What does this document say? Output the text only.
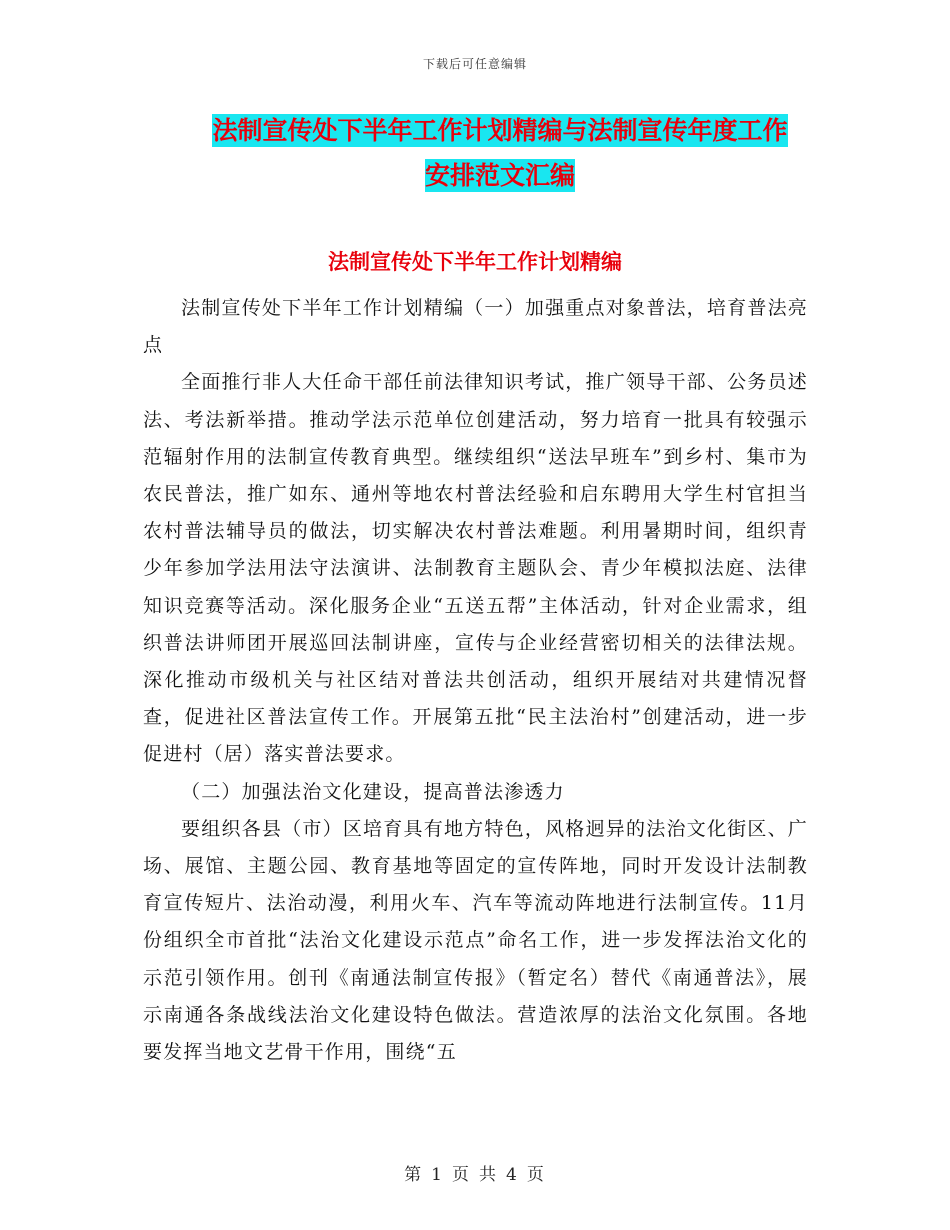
下载后可任意编辑
法制宣传处下半年工作计划精编与法制宣传年度工作
安排范文汇编
法制宣传处下半年工作计划精编

法制宣传处下半年工作计划精编（一）加强重点对象普法，培育普法亮点

全面推行非人大任命干部任前法律知识考试，推广领导干部、公务员述法、考法新举措。推动学法示范单位创建活动，努力培育一批具有较强示范辐射作用的法制宣传教育典型。继续组织“送法早班车”到乡村、集市为农民普法，推广如东、通州等地农村普法经验和启东聘用大学生村官担当农村普法辅导员的做法，切实解决农村普法难题。利用暑期时间，组织青少年参加学法用法守法演讲、法制教育主题队会、青少年模拟法庭、法律知识竞赛等活动。深化服务企业“五送五帮”主体活动，针对企业需求，组织普法讲师团开展巡回法制讲座，宣传与企业经营密切相关的法律法规。深化推动市级机关与社区结对普法共创活动，组织开展结对共建情况督查，促进社区普法宣传工作。开展第五批“民主法治村”创建活动，进一步促进村（居）落实普法要求。

（二）加强法治文化建设，提高普法渗透力

要组织各县（市）区培育具有地方特色，风格迥异的法治文化街区、广场、展馆、主题公园、教育基地等固定的宣传阵地，同时开发设计法制教育宣传短片、法治动漫，利用火车、汽车等流动阵地进行法制宣传。11月份组织全市首批“法治文化建设示范点”命名工作，进一步发挥法治文化的示范引领作用。创刊《南通法制宣传报》（暂定名）替代《南通普法》，展示南通各条战线法治文化建设特色做法。营造浓厚的法治文化氛围。各地要发挥当地文艺骨干作用，围绕“五

第 1 页 共 4 页
